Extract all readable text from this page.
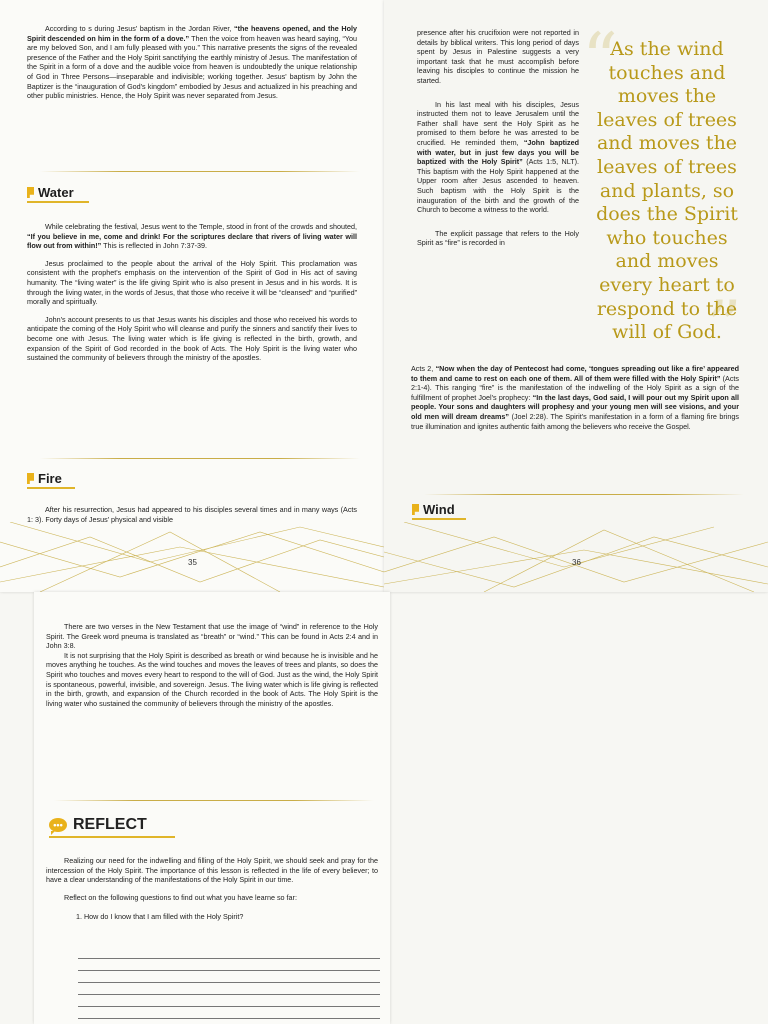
According to s during Jesus' baptism in the Jordan River, “the heavens opened, and the Holy Spirit descended on him in the form of a dove.” Then the voice from heaven was heard saying, “You are my beloved Son, and I am fully pleased with you.” This narrative presents the signs of the revealed presence of the Father and the Holy Spirit sanctifying the earthly ministry of Jesus. The manifestation of the Spirit in a form of a dove and the audible voice from heaven is undoubtedly the unique relationship of God in Three Persons—inseparable and indivisible; working together. Jesus' baptism by John the Baptizer is the “inauguration of God's kingdom” embodied by Jesus and actualized in his preaching and other public ministries. Hence, the Holy Spirit was never separated from Jesus.

Water

While celebrating the festival, Jesus went to the Temple, stood in front of the crowds and shouted, “If you believe in me, come and drink! For the scriptures declare that rivers of living water will flow out from within!” This is reflected in John 7:37-39.

Jesus proclaimed to the people about the arrival of the Holy Spirit. This proclamation was consistent with the prophet's emphasis on the intervention of the Spirit of God in His act of saving humanity. The “living water” is the life giving Spirit who is also present in Jesus and in his words. It is through the living water, in the words of Jesus, that those who receive it will be “cleansed” and “purified” morally and spiritually.

John's account presents to us that Jesus wants his disciples and those who received his words to anticipate the coming of the Holy Spirit who will cleanse and purify the sinners and sanctify their lives to become one with Jesus. The living water which is life giving is reflected in the birth, growth, and expansion of the Spirit of God recorded in the book of Acts. The Holy Spirit is the living water who sustained the community of believers through the ministry of the apostles.

Fire

After his resurrection, Jesus had appeared to his disciples several times and in many ways (Acts 1: 3). Forty days of Jesus' physical and visible

35

presence after his crucifixion were not reported in details by biblical writers. This long period of days spent by Jesus in Palestine suggests a very important task that he must accomplish before leaving his disciples to continue the mission he started.

In his last meal with his disciples, Jesus instructed them not to leave Jerusalem until the Father shall have sent the Holy Spirit as he promised to them before he was arrested to be crucified. He reminded them, “John baptized with water, but in just few days you will be baptized with the Holy Spirit” (Acts 1:5, NLT). This baptism with the Holy Spirit happened at the Upper room after Jesus ascended to heaven. Such baptism with the Holy Spirit is the inauguration of the birth and the growth of the Church to become a witness to the world.

The explicit passage that refers to the Holy Spirit as “fire” is recorded in

Acts 2, “Now when the day of Pentecost had come, ‘tongues spreading out like a fire’ appeared to them and came to rest on each one of them. All of them were filled with the Holy Spirit” (Acts 2:1-4). This ranging “fire” is the manifestation of the indwelling of the Holy Spirit as a sign of the fulfillment of prophet Joel's prophecy: “In the last days, God said, I will pour out my Spirit upon all people. Your sons and daughters will prophesy and your young men will see visions, and your old men will dream dreams” (Joel 2:28). The Spirit's manifestation in a form of a flaming fire brings true illumination and ignites authentic faith among the believers who receive the Gospel.

Wind
36
“
”
As the wind touches and moves the leaves of trees and moves the leaves of trees and plants, so does the Spirit who touches and moves every heart to respond to the will of God.

There are two verses in the New Testament that use the image of “wind” in reference to the Holy Spirit. The Greek word pneuma is translated as “breath” or “wind.” This can be found in Acts 2:4 and in John 3:8.

It is not surprising that the Holy Spirit is described as breath or wind because he is invisible and he moves anything he touches. As the wind touches and moves the leaves of trees and plants, so does the Spirit who touches and moves every heart to respond to the will of God. Just as the wind, the Holy Spirit is spontaneous, powerful, invisible, and sovereign. Jesus. The living water which is life giving is reflected in the birth, growth, and expansion of the Church recorded in the book of Acts. The Holy Spirit is the living water who sustained the community of believers through the ministry of the apostles.

••• REFLECT

Realizing our need for the indwelling and filling of the Holy Spirit, we should seek and pray for the intercession of the Holy Spirit. The importance of this lesson is reflected in the life of every believer; to have a clear understanding of the manifestations of the Holy Spirit in our time.

Reflect on the following questions to find out what you have learne so far:

1. How do I know that I am filled with the Holy Spirit?
